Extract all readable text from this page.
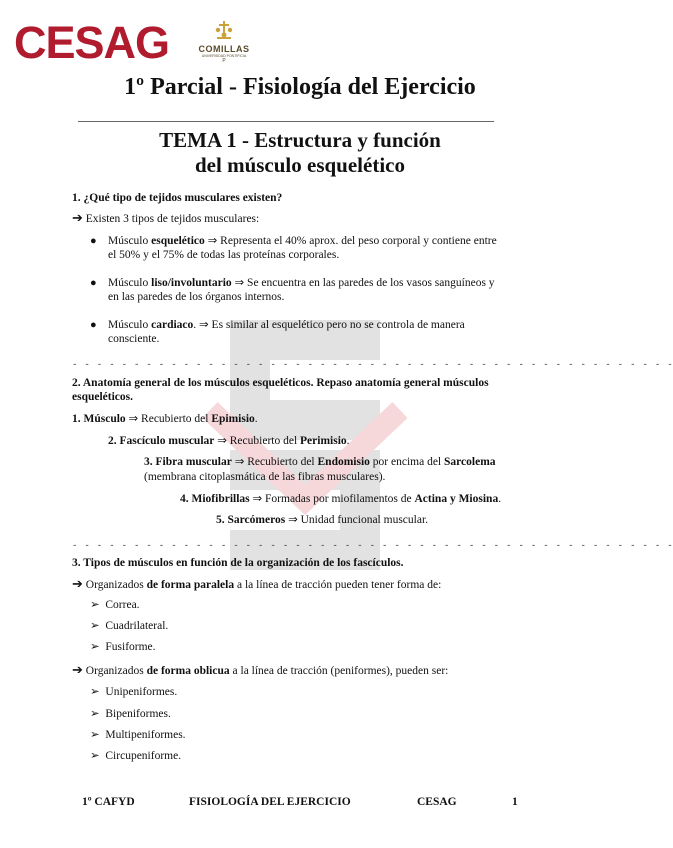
CESAG	COMILLAS
UNIVERSIDAD PONTIFICIA
P
1º Parcial - Fisiología del Ejercicio
TEMA 1 - Estructura y función
del músculo esquelético
1. ¿Qué tipo de tejidos musculares existen?
➔ Existen 3 tipos de tejidos musculares:
● Músculo esquelético ⇒ Representa el 40% aprox. del peso corporal y contiene entre
el 50% y el 75% de todas las proteínas corporales.
● Músculo liso/involuntario ⇒ Se encuentra en las paredes de los vasos sanguíneos y
en las paredes de los órganos internos.
● Músculo cardiaco. ⇒ Es similar al esquelético pero no se controla de manera
consciente.
- - - - - - - - - - - - - - - - - - - - - - - - - - - - - - - - - - - - - - - - - - - - - - - - -
2. Anatomía general de los músculos esqueléticos. Repaso anatomía general músculos
esqueléticos.
1. Músculo ⇒ Recubierto del Epimisio.
2. Fascículo muscular ⇒ Recubierto del Perimisio.
3. Fibra muscular ⇒ Recubierto del Endomisio por encima del Sarcolema
(membrana citoplasmática de las fibras musculares).
4. Miofibrillas ⇒ Formadas por miofilamentos de Actina y Miosina.
5. Sarcómeros ⇒ Unidad funcional muscular.
- - - - - - - - - - - - - - - - - - - - - - - - - - - - - - - - - - - - - - - - - - - - - - - - -
3. Tipos de músculos en función de la organización de los fascículos.
➔ Organizados de forma paralela a la línea de tracción pueden tener forma de:
➢ Correa.
➢ Cuadrilateral.
➢ Fusiforme.
➔ Organizados de forma oblicua a la línea de tracción (peniformes), pueden ser:
➢ Unipeniformes.
➢ Bipeniformes.
➢ Multipeniformes.
➢ Circupeniforme.
1º CAFYD	FISIOLOGÍA DEL EJERCICIO	CESAG	1
